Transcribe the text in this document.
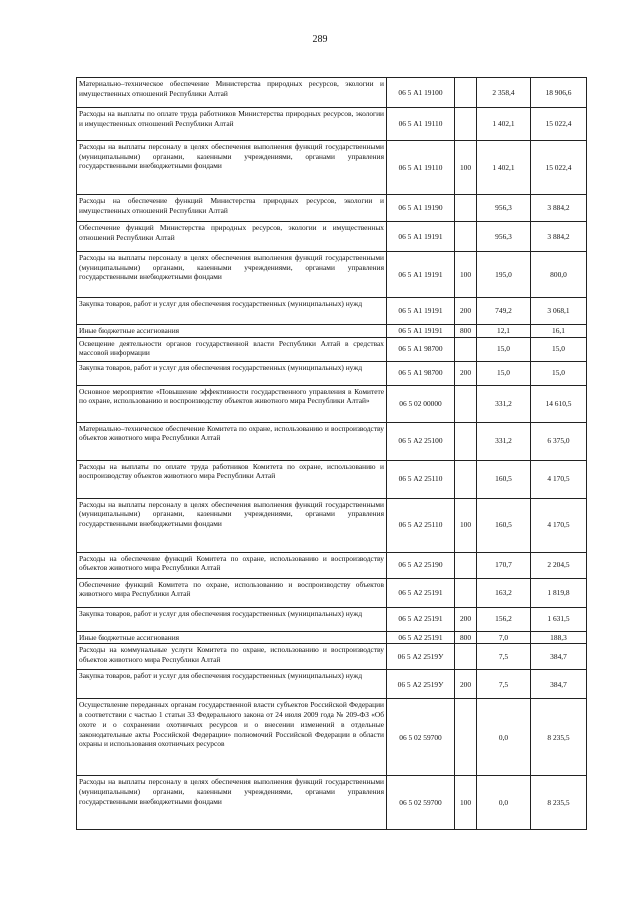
289
Материально–техническое обеспечение Министерства природных ресурсов, экологии и имущественных отношений Республики Алтай	06 5 А1 19100		2 358,4	18 906,6
Расходы на выплаты по оплате труда работников Министерства природных ресурсов, экологии и имущественных отношений Республики Алтай	06 5 А1 19110		1 402,1	15 022,4
Расходы на выплаты персоналу в целях обеспечения выполнения функций государственными (муниципальными) органами, казенными учреждениями, органами управления государственными внебюджетными фондами	06 5 А1 19110	100	1 402,1	15 022,4
Расходы на обеспечение функций Министерства природных ресурсов, экологии и имущественных отношений Республики Алтай	06 5 А1 19190		956,3	3 884,2
Обеспечение функций Министерства природных ресурсов, экологии и имущественных отношений Республики Алтай	06 5 А1 19191		956,3	3 884,2
Расходы на выплаты персоналу в целях обеспечения выполнения функций государственными (муниципальными) органами, казенными учреждениями, органами управления государственными внебюджетными фондами	06 5 А1 19191	100	195,0	800,0
Закупка товаров, работ и услуг для обеспечения государственных (муниципальных) нужд	06 5 А1 19191	200	749,2	3 068,1
Иные бюджетные ассигнования	06 5 А1 19191	800	12,1	16,1
Освещение деятельности органов государственной власти Республики Алтай в средствах массовой информации	06 5 А1 98700		15,0	15,0
Закупка товаров, работ и услуг для обеспечения государственных (муниципальных) нужд	06 5 А1 98700	200	15,0	15,0
Основное мероприятие «Повышение эффективности государственного управления в Комитете по охране, использованию и воспроизводству объектов животного мира Республики Алтай»	06 5 02 00000		331,2	14 610,5
Материально–техническое обеспечение Комитета по охране, использованию и воспроизводству объектов животного мира Республики Алтай	06 5 А2 25100		331,2	6 375,0
Расходы на выплаты по оплате труда работников Комитета по охране, использованию и воспроизводству объектов животного мира Республики Алтай	06 5 А2 25110		160,5	4 170,5
Расходы на выплаты персоналу в целях обеспечения выполнения функций государственными (муниципальными) органами, казенными учреждениями, органами управления государственными внебюджетными фондами	06 5 А2 25110	100	160,5	4 170,5
Расходы на обеспечение функций Комитета по охране, использованию и воспроизводству объектов животного мира Республики Алтай	06 5 А2 25190		170,7	2 204,5
Обеспечение функций Комитета по охране, использованию и воспроизводству объектов животного мира Республики Алтай	06 5 А2 25191		163,2	1 819,8
Закупка товаров, работ и услуг для обеспечения государственных (муниципальных) нужд	06 5 А2 25191	200	156,2	1 631,5
Иные бюджетные ассигнования	06 5 А2 25191	800	7,0	188,3
Расходы на коммунальные услуги Комитета по охране, использованию и воспроизводству объектов животного мира Республики Алтай	06 5 А2 2519У		7,5	384,7
Закупка товаров, работ и услуг для обеспечения государственных (муниципальных) нужд	06 5 А2 2519У	200	7,5	384,7
Осуществление переданных органам государственной власти субъектов Российской Федерации в соответствии с частью 1 статьи 33 Федерального закона от 24 июля 2009 года № 209-ФЗ «Об охоте и о сохранении охотничьих ресурсов и о внесении изменений в отдельные законодательные акты Российской Федерации» полномочий Российской Федерации в области охраны и использования охотничьих ресурсов	06 5 02 59700		0,0	8 235,5
Расходы на выплаты персоналу в целях обеспечения выполнения функций государственными (муниципальными) органами, казенными учреждениями, органами управления государственными внебюджетными фондами	06 5 02 59700	100	0,0	8 235,5
